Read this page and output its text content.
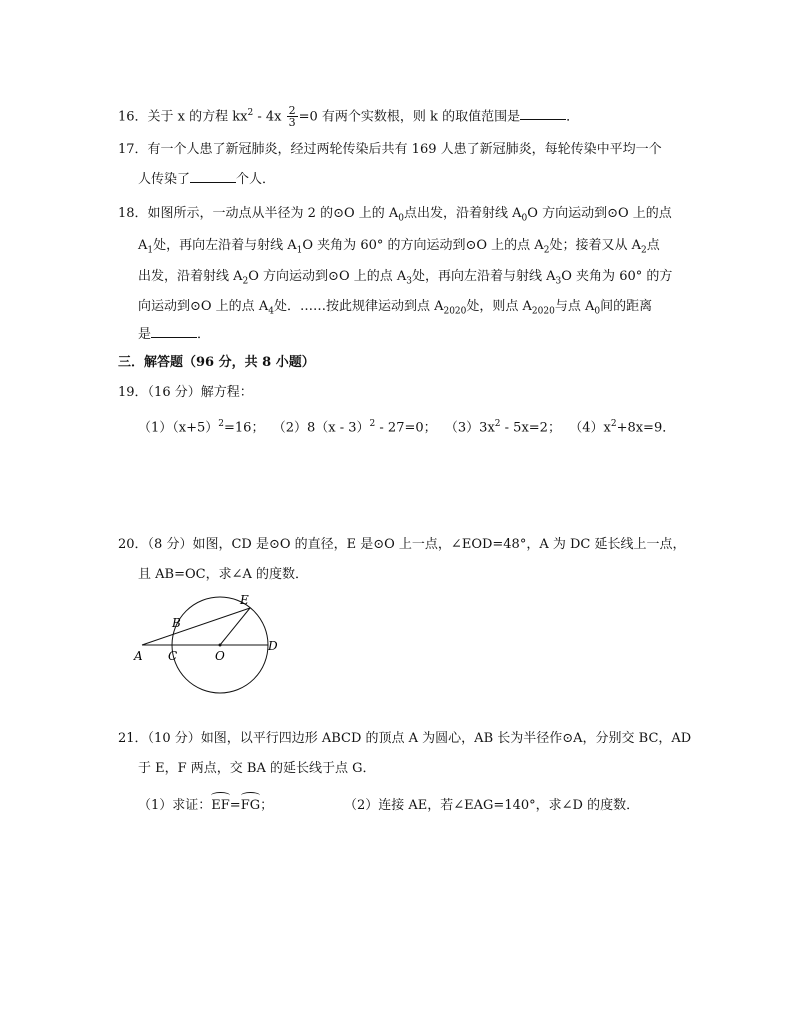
16．关于 x 的方程 $kx^2 - 4x \frac{2}{3} =0$ 有两个实数根，则 k 的取值范围是	．
17．有一个人患了新冠肺炎，经过两轮传染后共有 169 人患了新冠肺炎，每轮传染中平均一个
人传染了	个人．
18．如图所示，一动点从半径为 2 的⊙O 上的 $A_0$点出发，沿着射线 $A_0O$ 方向运动到⊙O 上的点
$A_1$处，再向左沿着与射线 $A_1O$ 夹角为 60° 的方向运动到⊙O 上的点 $A_2$处；接着又从 $A_2$点
出发，沿着射线 $A_2O$ 方向运动到⊙O 上的点 $A_3$处，再向左沿着与射线 $A_3O$ 夹角为 60° 的方
向运动到⊙O 上的点 $A_4$处．……按此规律运动到点 $A_{2020}$处，则点 $A_{2020}$与点 $A_0$间的距离
是	．
三．解答题（96 分，共 8 小题）
19．（16 分）解方程：
$(1)(x+5)^2=16$； （2）8（x - 3）$^2$ - 27=0； $(3)3x^2 - 5x=2$； $(4)x^2+8x=9$．
20．（8 分）如图，CD 是⊙O 的直径，E 是⊙O 上一点，∠EOD=48°，A 为 DC 延长线上一点，
且 AB=OC，求∠A 的度数．
A
B
C	O
D
E
21．（10 分）如图，以平行四边形 ABCD 的顶点 A 为圆心，AB 长为半径作⊙A，分别交 BC，AD
于 E，F 两点，交 BA 的延长线于点 G．
（1）求证：EF=FG；	（2）连接 AE，若∠EAG=140°，求∠D 的度数．
